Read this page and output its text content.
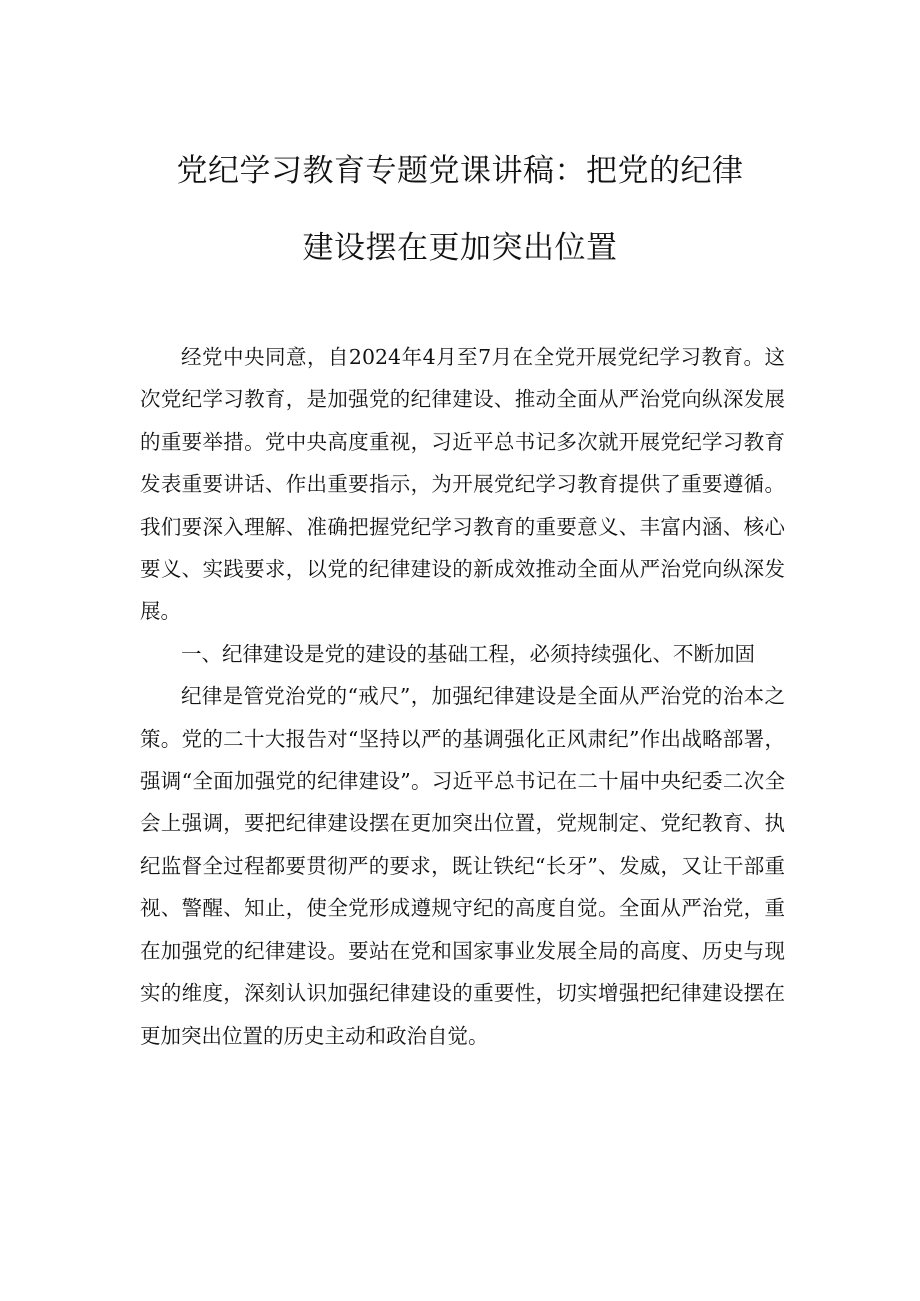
党纪学习教育专题党课讲稿：把党的纪律
建设摆在更加突出位置

经党中央同意，自2024年4月至7月在全党开展党纪学习教育。这次党纪学习教育，是加强党的纪律建设、推动全面从严治党向纵深发展的重要举措。党中央高度重视，习近平总书记多次就开展党纪学习教育发表重要讲话、作出重要指示，为开展党纪学习教育提供了重要遵循。我们要深入理解、准确把握党纪学习教育的重要意义、丰富内涵、核心要义、实践要求，以党的纪律建设的新成效推动全面从严治党向纵深发展。

一、纪律建设是党的建设的基础工程，必须持续强化、不断加固

纪律是管党治党的“戒尺”，加强纪律建设是全面从严治党的治本之策。党的二十大报告对“坚持以严的基调强化正风肃纪”作出战略部署，强调“全面加强党的纪律建设”。习近平总书记在二十届中央纪委二次全会上强调，要把纪律建设摆在更加突出位置，党规制定、党纪教育、执纪监督全过程都要贯彻严的要求，既让铁纪“长牙”、发威，又让干部重视、警醒、知止，使全党形成遵规守纪的高度自觉。全面从严治党，重在加强党的纪律建设。要站在党和国家事业发展全局的高度、历史与现实的维度，深刻认识加强纪律建设的重要性，切实增强把纪律建设摆在更加突出位置的历史主动和政治自觉。
